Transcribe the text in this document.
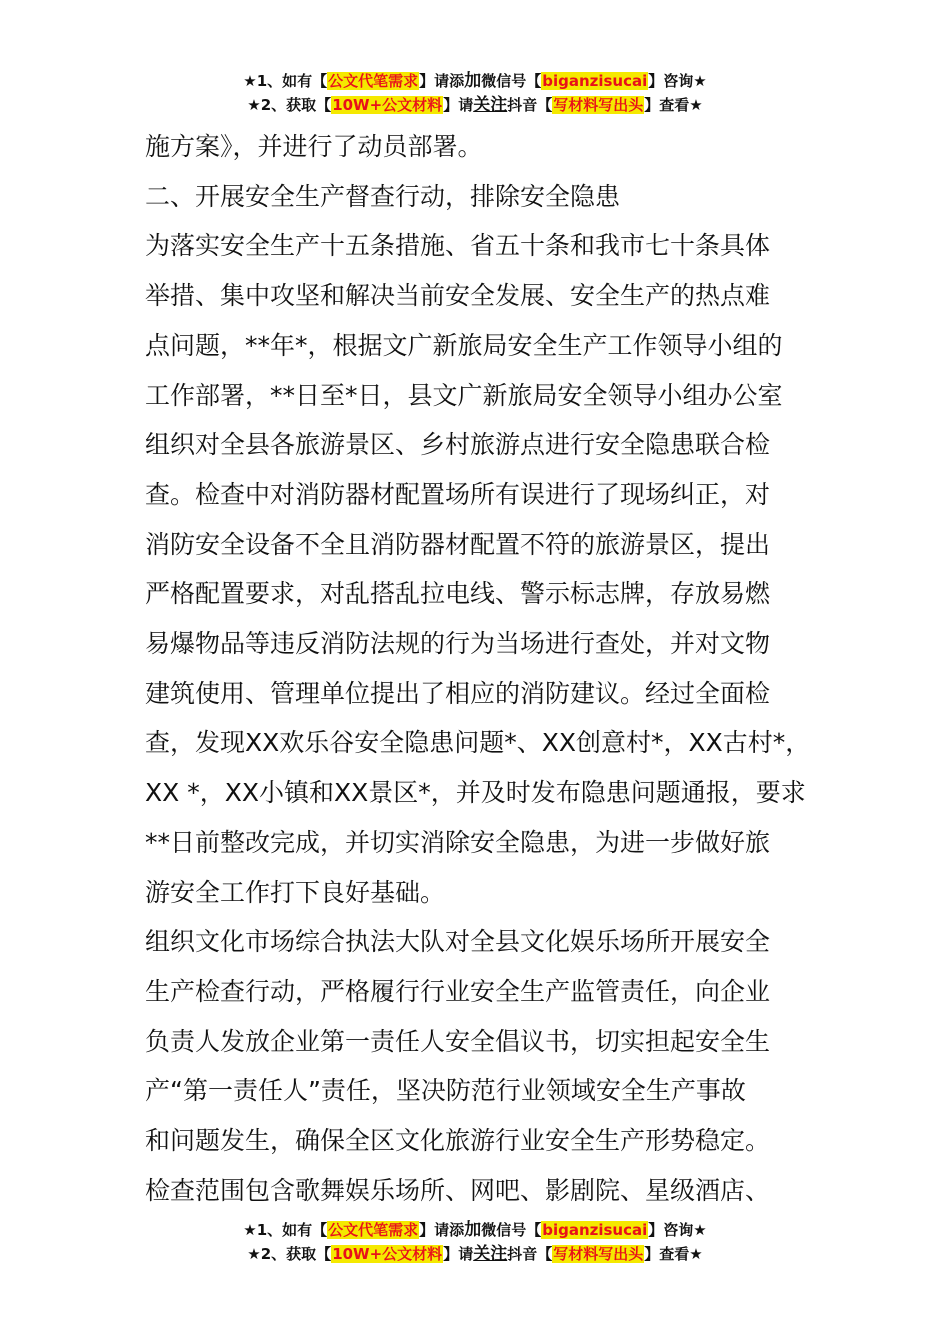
★1、如有【公文代笔需求】请添加微信号【biganzisucai】咨询★
★2、获取【10W+公文材料】请关注抖音【写材料写出头】查看★

施方案》，并进行了动员部署。

二、开展安全生产督查行动，排除安全隐患

为落实安全生产十五条措施、省五十条和我市七十条具体

举措、集中攻坚和解决当前安全发展、安全生产的热点难

点问题，**年*，根据文广新旅局安全生产工作领导小组的

工作部署，**日至*日，县文广新旅局安全领导小组办公室

组织对全县各旅游景区、乡村旅游点进行安全隐患联合检

查。检查中对消防器材配置场所有误进行了现场纠正，对

消防安全设备不全且消防器材配置不符的旅游景区，提出

严格配置要求，对乱搭乱拉电线、警示标志牌，存放易燃

易爆物品等违反消防法规的行为当场进行查处，并对文物

建筑使用、管理单位提出了相应的消防建议。经过全面检

查，发现XX欢乐谷安全隐患问题*、XX创意村*，XX古村*，

XX *，XX小镇和XX景区*，并及时发布隐患问题通报，要求

**日前整改完成，并切实消除安全隐患，为进一步做好旅

游安全工作打下良好基础。

组织文化市场综合执法大队对全县文化娱乐场所开展安全

生产检查行动，严格履行行业安全生产监管责任，向企业

负责人发放企业第一责任人安全倡议书，切实担起安全生

产“第一责任人”责任，坚决防范行业领域安全生产事故

和问题发生，确保全区文化旅游行业安全生产形势稳定。

检查范围包含歌舞娱乐场所、网吧、影剧院、星级酒店、

★1、如有【公文代笔需求】请添加微信号【biganzisucai】咨询★
★2、获取【10W+公文材料】请关注抖音【写材料写出头】查看★
